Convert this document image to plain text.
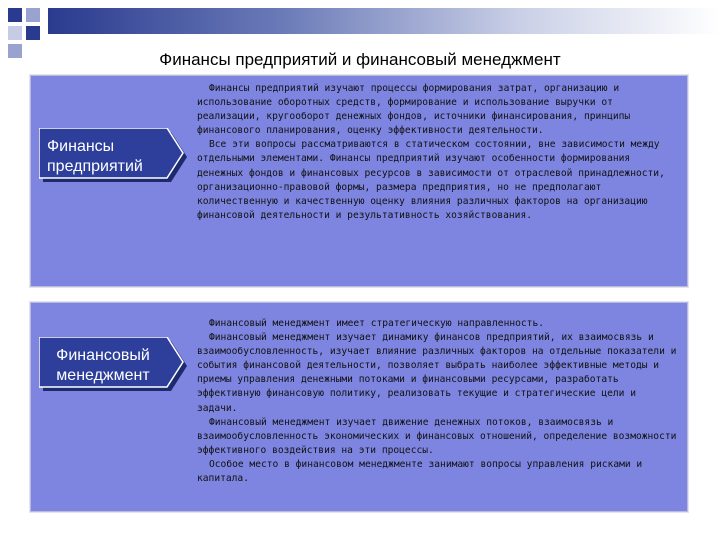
Финансы предприятий и финансовый менеджмент
Финансы
предприятий

Финансы предприятий изучают процессы формирования затрат, организацию и использование оборотных средств, формирование и использование выручки от реализации, кругооборот денежных фондов, источники финансирования, принципы финансового планирования, оценку эффективности деятельности.

Все эти вопросы рассматриваются в статическом состоянии, вне зависимости между отдельными элементами. Финансы предприятий изучают особенности формирования денежных фондов и финансовых ресурсов в зависимости от отраслевой принадлежности, организационно-правовой формы, размера предприятия, но не предполагают количественную и качественную оценку влияния различных факторов на организацию финансовой деятельности и результативность хозяйствования.

Финансовый
менеджмент

Финансовый менеджмент имеет стратегическую направленность.

Финансовый менеджмент изучает динамику финансов предприятий, их взаимосвязь и взаимообусловленность, изучает влияние различных факторов на отдельные показатели и события финансовой деятельности, позволяет выбрать наиболее эффективные методы и приемы управления денежными потоками и финансовыми ресурсами, разработать эффективную финансовую политику, реализовать текущие и стратегические цели и задачи.

Финансовый менеджмент изучает движение денежных потоков, взаимосвязь и взаимообусловленность экономических и финансовых отношений, определение возможности эффективного воздействия на эти процессы.

Особое место в финансовом менеджменте занимают вопросы управления рисками и капитала.
